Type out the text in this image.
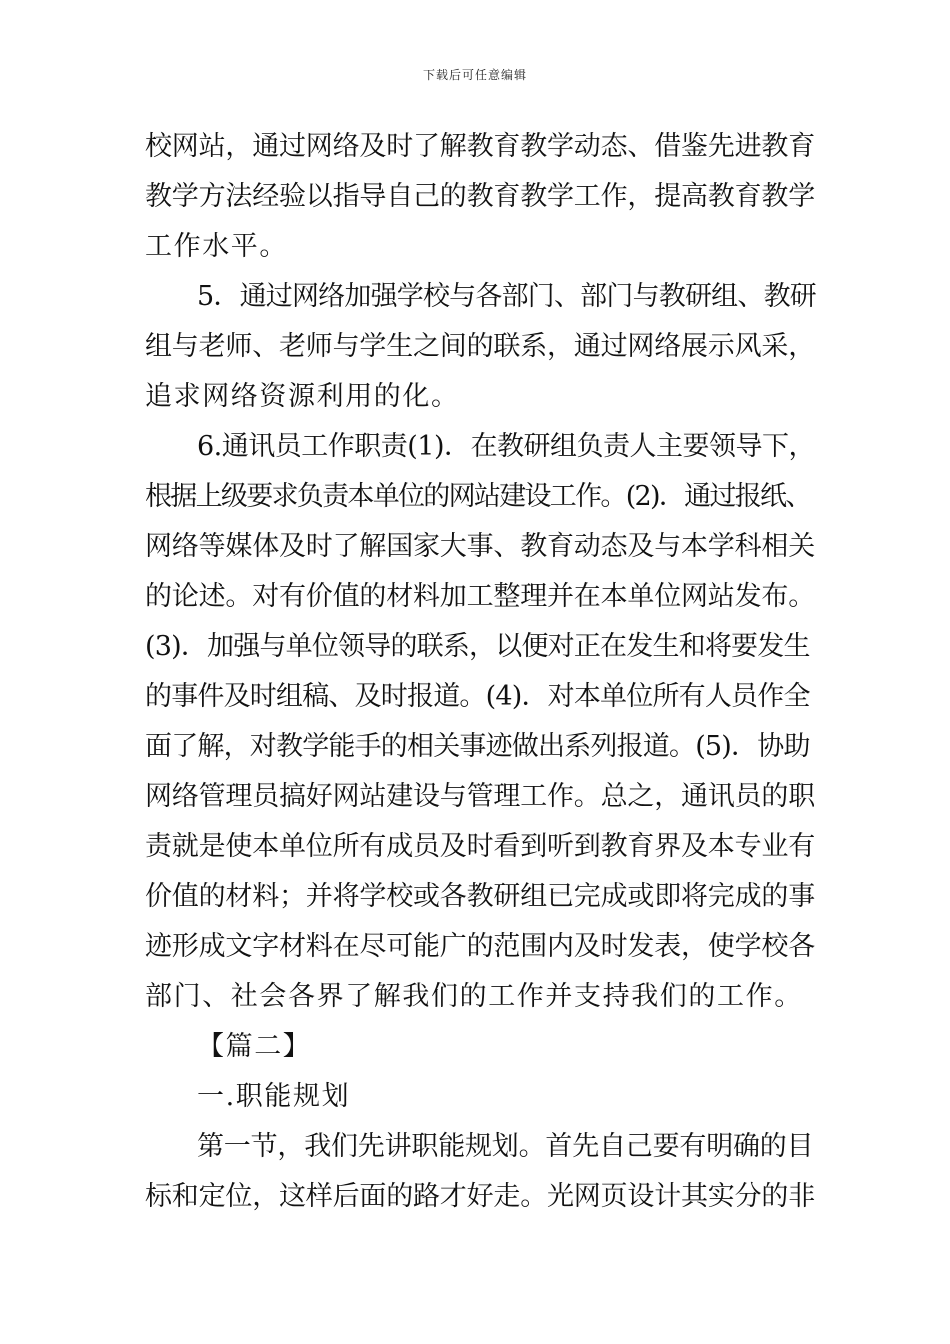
下载后可任意编辑
校网站，通过网络及时了解教育教学动态、借鉴先进教育
教学方法经验以指导自己的教育教学工作，提高教育教学
工作水平。
5．通过网络加强学校与各部门、部门与教研组、教研
组与老师、老师与学生之间的联系，通过网络展示风采，
追求网络资源利用的化。
6.通讯员工作职责(1)．在教研组负责人主要领导下，
根据上级要求负责本单位的网站建设工作。(2)．通过报纸、
网络等媒体及时了解国家大事、教育动态及与本学科相关
的论述。对有价值的材料加工整理并在本单位网站发布。
(3)．加强与单位领导的联系，以便对正在发生和将要发生
的事件及时组稿、及时报道。(4)．对本单位所有人员作全
面了解，对教学能手的相关事迹做出系列报道。(5)．协助
网络管理员搞好网站建设与管理工作。总之，通讯员的职
责就是使本单位所有成员及时看到听到教育界及本专业有
价值的材料；并将学校或各教研组已完成或即将完成的事
迹形成文字材料在尽可能广的范围内及时发表，使学校各
部门、社会各界了解我们的工作并支持我们的工作。
【篇二】
一.职能规划
第一节，我们先讲职能规划。首先自己要有明确的目
标和定位，这样后面的路才好走。光网页设计其实分的非
